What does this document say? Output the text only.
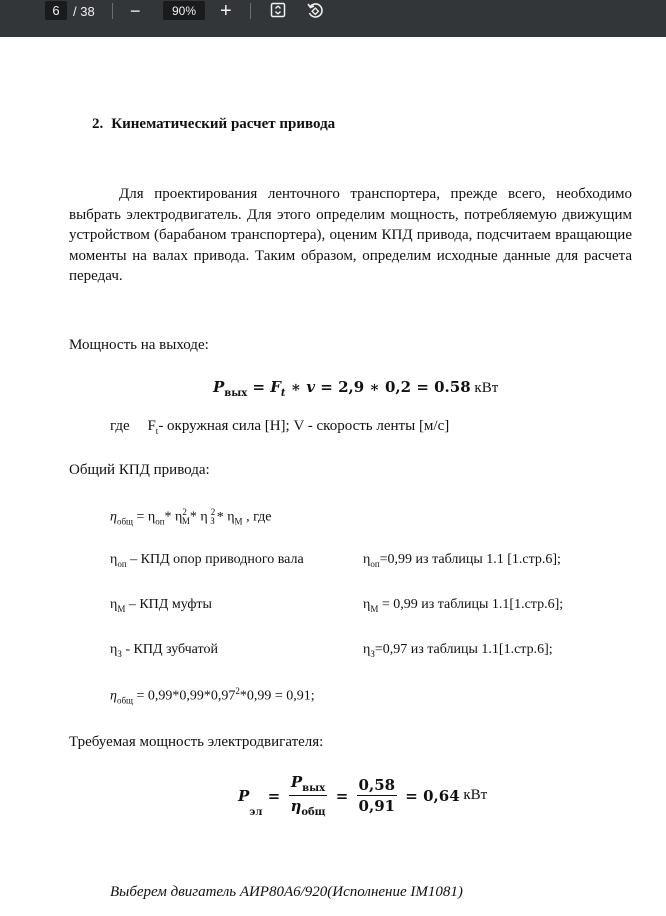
6	/ 38 −	90%	+
2. Кинематический расчет привода

Для проектирования ленточного транспортера, прежде всего, необходимо выбрать электродвигатель. Для этого определим мощность, потребляемую движущим устройством (барабаном транспортера), оценим КПД привода, подсчитаем вращающие моменты на валах привода. Таким образом, определим исходные данные для расчета передач.

Мощность на выходе:
$P_{вых} = F_t$ ∗ v = 2,9 ∗ 0,2 = 0.58 кВт
где $F_t-$ окружная сила [Н]; V - скорость ленты [м/с]
Общий КПД привода:
$\eta_{общ} = \eta_{оп}*$ $\eta^2_М*$ η $^2_З * \eta_М$ , где
$\eta_{оп}$ – КПД опор приводного вала	$\eta_{оп}=0,99$ из таблицы 1.1 [1.стр.6];
$\eta_М$ – КПД муфты	$\eta_М = 0,99$ из таблицы 1.1[1.стр.6];
$\eta_З$ - КПД зубчатой	$\eta_З=0,97$ из таблицы 1.1[1.стр.6];
$\eta_{общ} = 0,99*0,99*0,97^2*0,99 = 0,91$;
Требуемая мощность электродвигателя:
P
эл
= $\frac{P_{вых}}{\eta_{общ}} = \frac{0,58}{0,91} = 0,64$ кВт
Выберем двигатель АИР80А6/920(Исполнение IM1081)
